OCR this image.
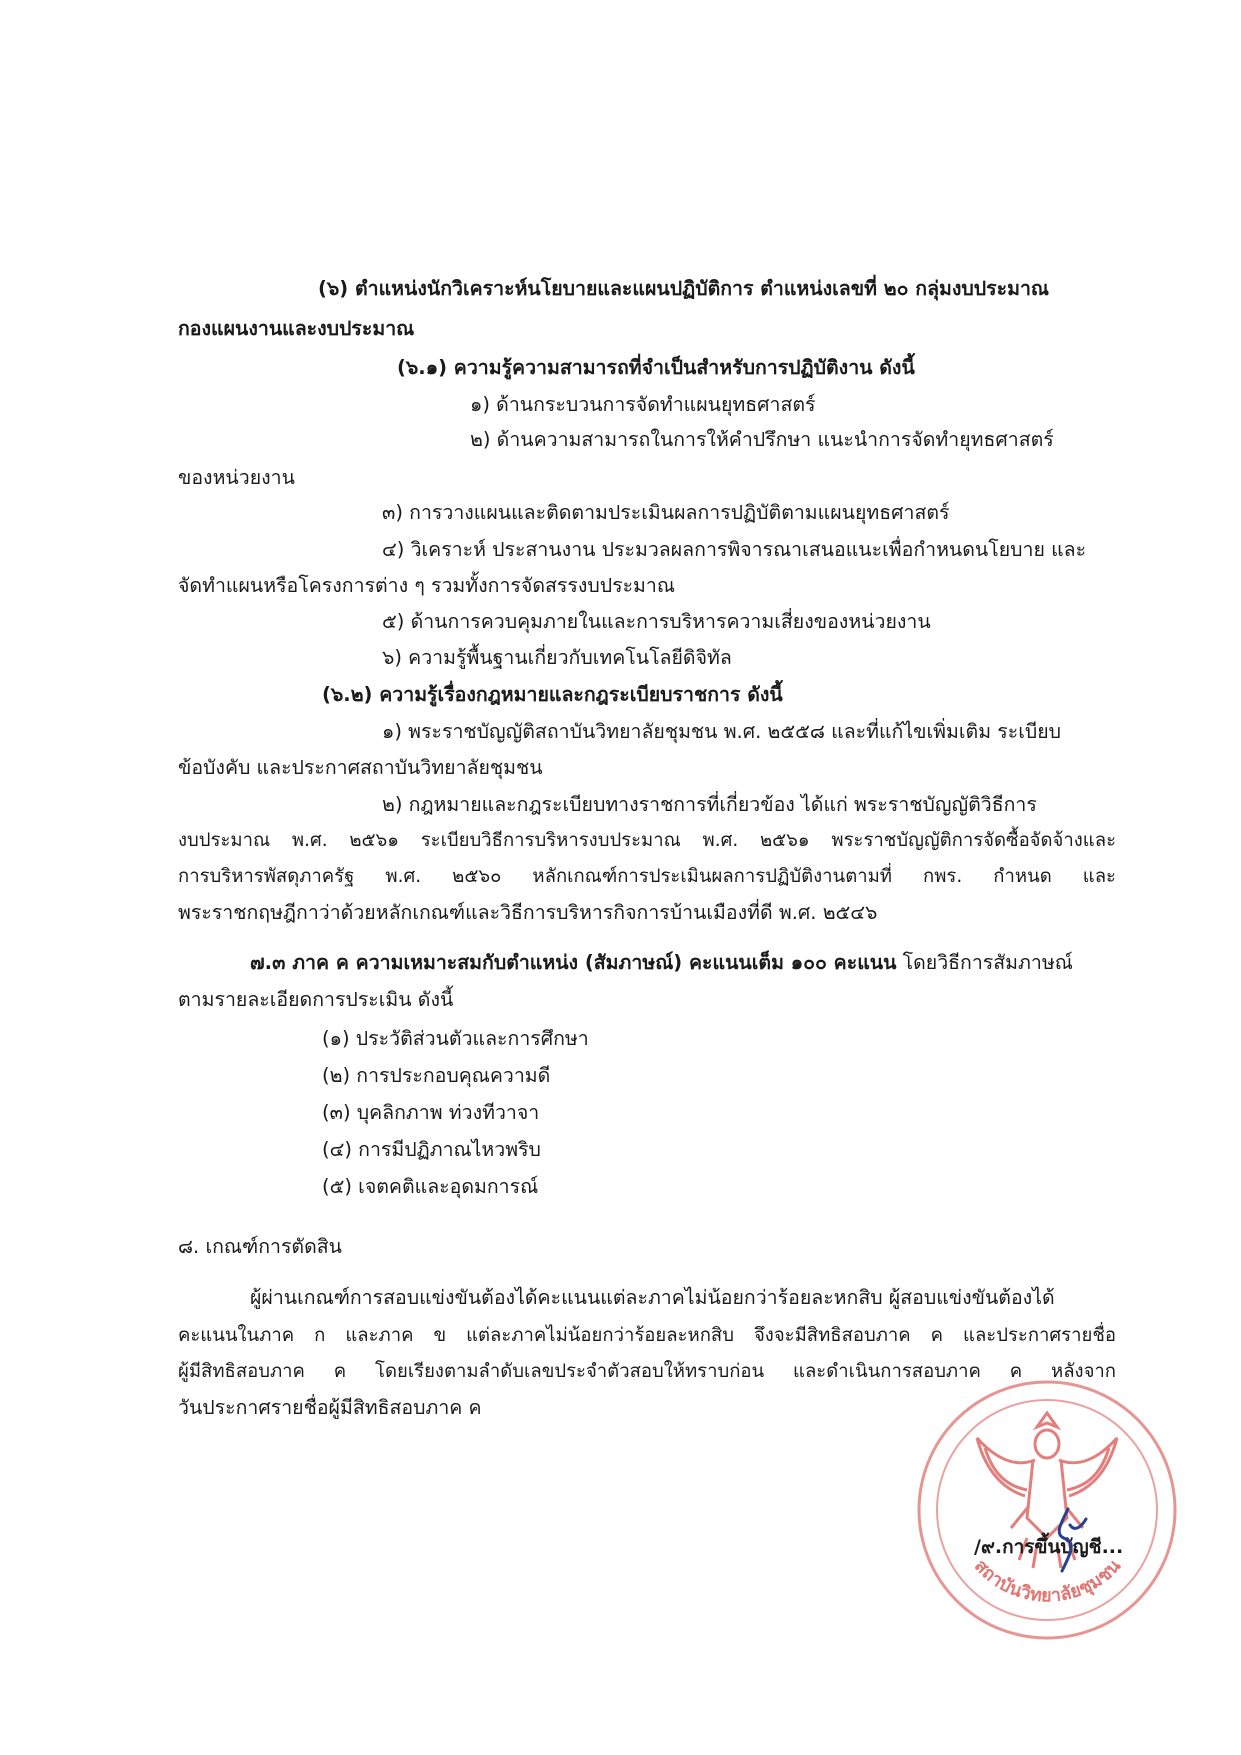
(๖) ตำแหน่งนักวิเคราะห์นโยบายและแผนปฏิบัติการ ตำแหน่งเลขที่ ๒๐ กลุ่มงบประมาณ
กองแผนงานและงบประมาณ
(๖.๑) ความรู้ความสามารถที่จำเป็นสำหรับการปฏิบัติงาน ดังนี้
๑) ด้านกระบวนการจัดทำแผนยุทธศาสตร์
๒) ด้านความสามารถในการให้คำปรึกษา แนะนำการจัดทำยุทธศาสตร์
ของหน่วยงาน
๓) การวางแผนและติดตามประเมินผลการปฏิบัติตามแผนยุทธศาสตร์
๔) วิเคราะห์ ประสานงาน ประมวลผลการพิจารณาเสนอแนะเพื่อกำหนดนโยบาย และ
จัดทำแผนหรือโครงการต่าง ๆ รวมทั้งการจัดสรรงบประมาณ
๕) ด้านการควบคุมภายในและการบริหารความเสี่ยงของหน่วยงาน
๖) ความรู้พื้นฐานเกี่ยวกับเทคโนโลยีดิจิทัล
(๖.๒) ความรู้เรื่องกฎหมายและกฎระเบียบราชการ ดังนี้
๑) พระราชบัญญัติสถาบันวิทยาลัยชุมชน พ.ศ. ๒๕๕๘ และที่แก้ไขเพิ่มเติม ระเบียบ
ข้อบังคับ และประกาศสถาบันวิทยาลัยชุมชน
๒) กฎหมายและกฎระเบียบทางราชการที่เกี่ยวข้อง ได้แก่ พระราชบัญญัติวิธีการ
งบประมาณ พ.ศ. ๒๕๖๑ ระเบียบวิธีการบริหารงบประมาณ พ.ศ. ๒๕๖๑ พระราชบัญญัติการจัดซื้อจัดจ้างและ
การบริหารพัสดุภาครัฐ พ.ศ. ๒๕๖๐ หลักเกณฑ์การประเมินผลการปฏิบัติงานตามที่ กพร. กำหนด และ
พระราชกฤษฎีกาว่าด้วยหลักเกณฑ์และวิธีการบริหารกิจการบ้านเมืองที่ดี พ.ศ. ๒๕๔๖
๗.๓ ภาค ค ความเหมาะสมกับตำแหน่ง (สัมภาษณ์) คะแนนเต็ม ๑๐๐ คะแนน โดยวิธีการสัมภาษณ์
ตามรายละเอียดการประเมิน ดังนี้
(๑) ประวัติส่วนตัวและการศึกษา
(๒) การประกอบคุณความดี
(๓) บุคลิกภาพ ท่วงทีวาจา
(๔) การมีปฏิภาณไหวพริบ
(๕) เจตคติและอุดมการณ์
๘. เกณฑ์การตัดสิน
ผู้ผ่านเกณฑ์การสอบแข่งขันต้องได้คะแนนแต่ละภาคไม่น้อยกว่าร้อยละหกสิบ ผู้สอบแข่งขันต้องได้
คะแนนในภาค ก และภาค ข แต่ละภาคไม่น้อยกว่าร้อยละหกสิบ จึงจะมีสิทธิสอบภาค ค และประกาศรายชื่อ
ผู้มีสิทธิสอบภาค ค โดยเรียงตามลำดับเลขประจำตัวสอบให้ทราบก่อน และดำเนินการสอบภาค ค หลังจาก
วันประกาศรายชื่อผู้มีสิทธิสอบภาค ค
สถาบันวิทยาลัยชุมชน
/๙.การขึ้นบัญชี...
